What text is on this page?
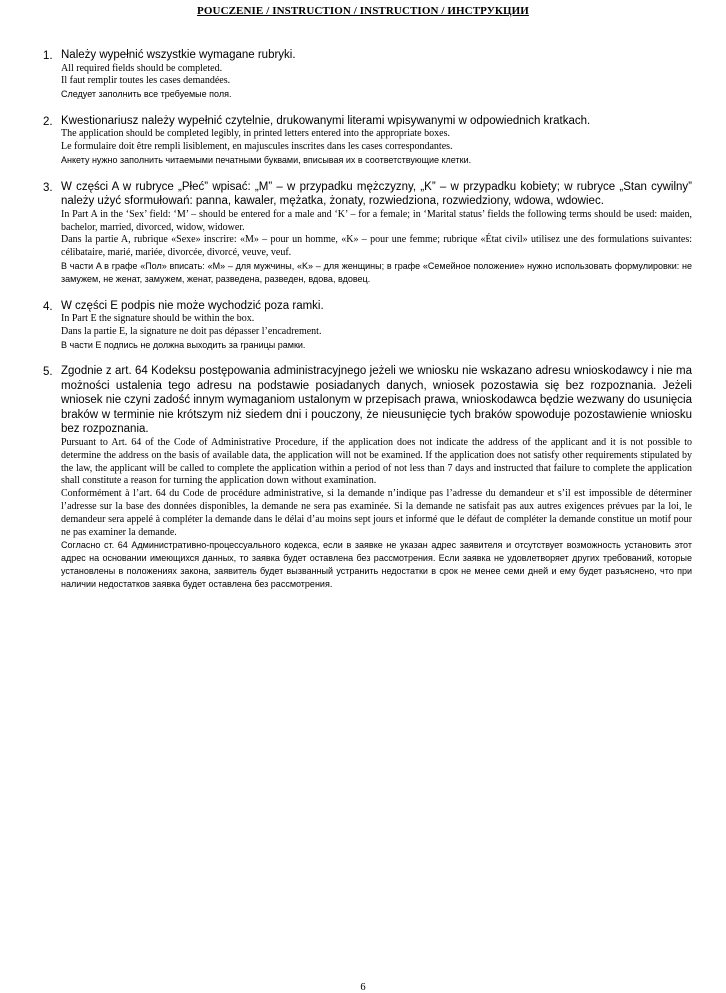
POUCZENIE / INSTRUCTION / INSTRUCTION / ИНСТРУКЦИИ
1. Należy wypełnić wszystkie wymagane rubryki.
All required fields should be completed.
Il faut remplir toutes les cases demandées.
Следует заполнить все требуемые поля.
2. Kwestionariusz należy wypełnić czytelnie, drukowanymi literami wpisywanymi w odpowiednich kratkach.
The application should be completed legibly, in printed letters entered into the appropriate boxes.
Le formulaire doit être rempli lisiblement, en majuscules inscrites dans les cases correspondantes.
Анкету нужно заполнить читаемыми печатными буквами, вписывая их в соответствующие клетки.
3. W części A w rubryce „Płeć” wpisać: „M” – w przypadku mężczyzny, „K” – w przypadku kobiety; w rubryce „Stan cywilny” należy użyć sformułowań: panna, kawaler, mężatka, żonaty, rozwiedziona, rozwiedziony, wdowa, wdowiec.
In Part A in the ‘Sex’ field: ‘M’ – should be entered for a male and ‘K’ – for a female; in ‘Marital status’ fields the following terms should be used: maiden, bachelor, married, divorced, widow, widower.
Dans la partie A, rubrique «Sexe» inscrire: «M» – pour un homme, «K» – pour une femme; rubrique «État civil» utilisez une des formulations suivantes: célibataire, marié, mariée, divorcée, divorcé, veuve, veuf.
В части A в графе «Пол» вписать: «M» – для мужчины, «K» – для женщины; в графе «Семейное положение» нужно использовать формулировки: не замужем, не женат, замужем, женат, разведена, разведен, вдова, вдовец.
4. W części E podpis nie może wychodzić poza ramki.
In Part E the signature should be within the box.
Dans la partie E, la signature ne doit pas dépasser l’encadrement.
В части E подпись не должна выходить за границы рамки.
5. Zgodnie z art. 64 Kodeksu postępowania administracyjnego jeżeli we wniosku nie wskazano adresu wnioskodawcy i nie ma możności ustalenia tego adresu na podstawie posiadanych danych, wniosek pozostawia się bez rozpoznania. Jeżeli wniosek nie czyni zadość innym wymaganiom ustalonym w przepisach prawa, wnioskodawca będzie wezwany do usunięcia braków w terminie nie krótszym niż siedem dni i pouczony, że nieusunięcie tych braków spowoduje pozostawienie wniosku bez rozpoznania.
Pursuant to Art. 64 of the Code of Administrative Procedure, if the application does not indicate the address of the applicant and it is not possible to determine the address on the basis of available data, the application will not be examined. If the application does not satisfy other requirements stipulated by the law, the applicant will be called to complete the application within a period of not less than 7 days and instructed that failure to complete the application shall constitute a reason for turning the application down without examination.
Conformément à l’art. 64 du Code de procédure administrative, si la demande n’indique pas l’adresse du demandeur et s’il est impossible de déterminer l’adresse sur la base des données disponibles, la demande ne sera pas examinée. Si la demande ne satisfait pas aux autres exigences prévues par la loi, le demandeur sera appelé à compléter la demande dans le délai d’au moins sept jours et informé que le défaut de compléter la demande constitue un motif pour ne pas examiner la demande.
Согласно ст. 64 Административно-процессуального кодекса, если в заявке не указан адрес заявителя и отсутствует возможность установить этот адрес на основании имеющихся данных, то заявка будет оставлена без рассмотрения. Если заявка не удовлетворяет других требований, которые установлены в положениях закона, заявитель будет вызванный устранить недостатки в срок не менее семи дней и ему будет разъяснено, что при наличии недостатков заявка будет оставлена без рассмотрения.
6
